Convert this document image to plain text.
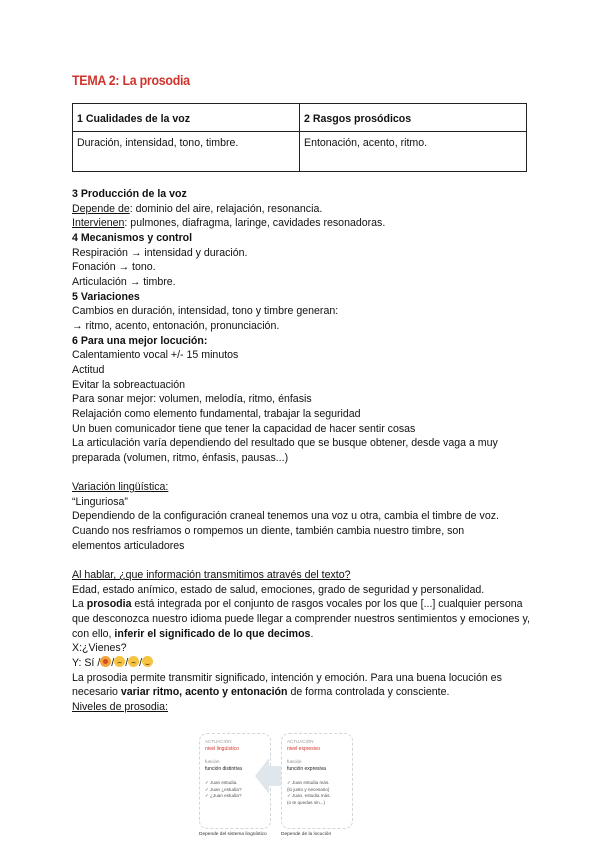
TEMA 2: La prosodia
1 Cualidades de la voz	2 Rasgos prosódicos
Duración, intensidad, tono, timbre.	Entonación, acento, ritmo.

3 Producción de la voz

Depende de: dominio del aire, relajación, resonancia.

Intervienen: pulmones, diafragma, laringe, cavidades resonadoras.

4 Mecanismos y control

Respiración → intensidad y duración.

Fonación → tono.

Articulación → timbre.

5 Variaciones

Cambios en duración, intensidad, tono y timbre generan:

→ ritmo, acento, entonación, pronunciación.

6 Para una mejor locución:

Calentamiento vocal +/- 15 minutos

Actitud

Evitar la sobreactuación

Para sonar mejor: volumen, melodía, ritmo, énfasis

Relajación como elemento fundamental, trabajar la seguridad

Un buen comunicador tiene que tener la capacidad de hacer sentir cosas

La articulación varía dependiendo del resultado que se busque obtener, desde vaga a muy

preparada (volumen, ritmo, énfasis, pausas...)

Variación lingüística:

“Linguriosa”

Dependiendo de la configuración craneal tenemos una voz u otra, cambia el timbre de voz.

Cuando nos resfriamos o rompemos un diente, también cambia nuestro timbre, son

elementos articuladores

Al hablar, ¿que información transmitimos através del texto?

Edad, estado anímico, estado de salud, emociones, grado de seguridad y personalidad.

La prosodia está integrada por el conjunto de rasgos vocales por los que [...] cualquier persona que desconozca nuestro idioma puede llegar a comprender nuestros sentimientos y emociones y, con ello, inferir el significado de lo que decimos.

X:¿Vienes?

Y: Sí / / / /

La prosodia permite transmitir significado, intención y emoción. Para una buena locución es

necesario variar ritmo, acento y entonación de forma controlada y consciente.

Niveles de prosodia:

ACTUACIÓN
nivel lingüístico
función
función distintiva
✓ Juan estudia.
✓ Juan ¿estudia?
✓ ¿Juan estudia?
ACTUACIÓN
nivel expresivo
función
función expresiva
✓ Juan estudia más.
(lo justo y necesario)
✓ Juan, estudia más.
(o te quedas sin...)
Depende del sistema lingüístico	Depende de la locución
